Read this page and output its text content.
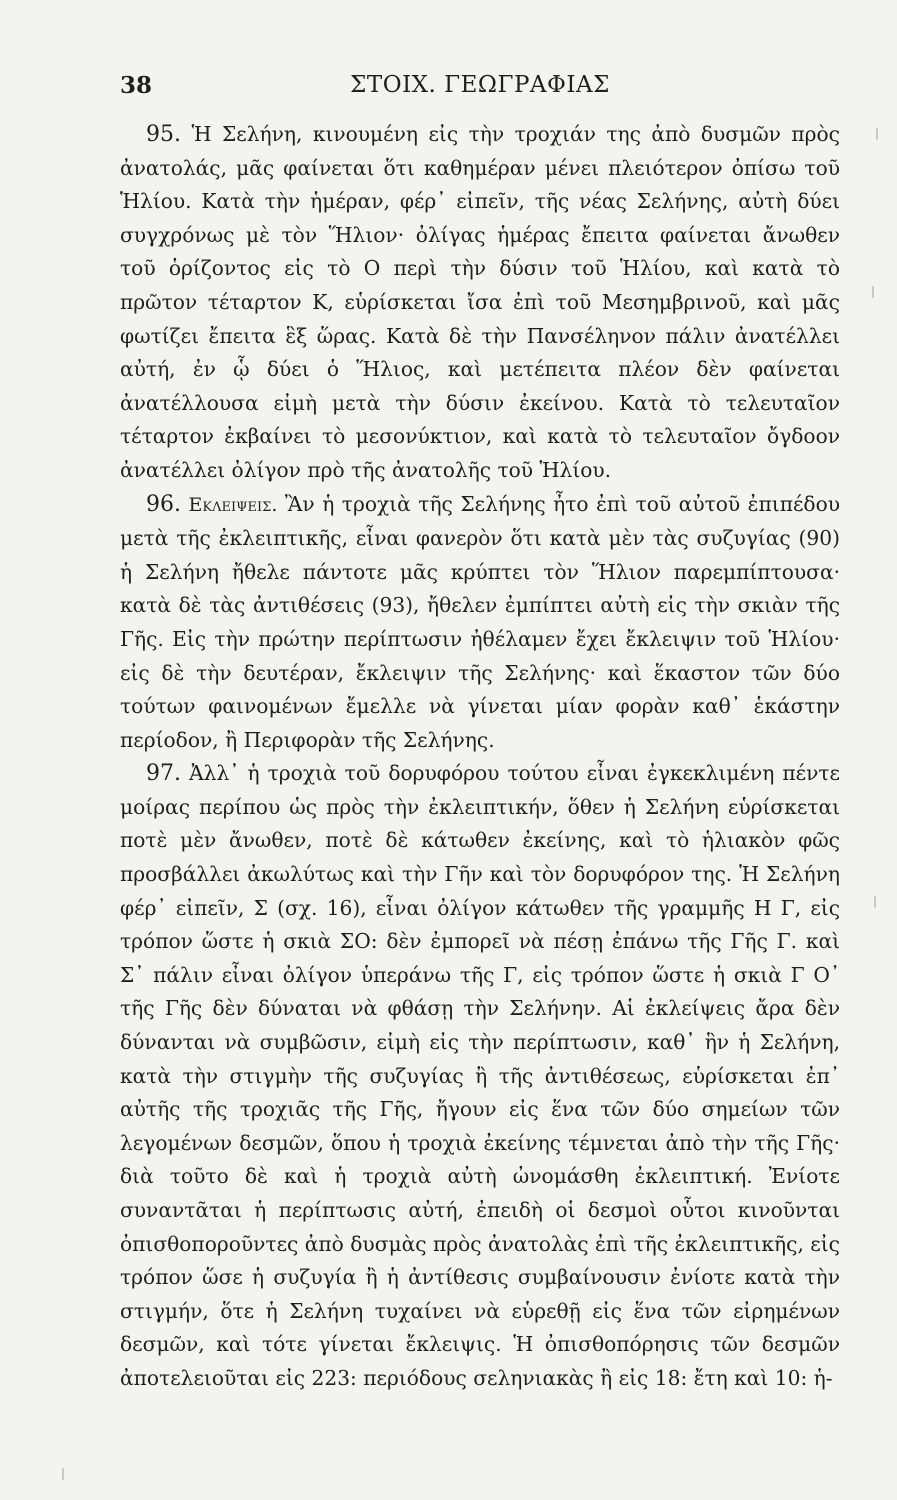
38	ΣΤΟΙΧ. ΓΕΩΓΡΑΦΙΑΣ

95. Ἡ Σελήνη, κινουμένη εἰς τὴν τροχιάν της ἀπὸ δυσμῶν πρὸς ἀνατολάς, μᾶς φαίνεται ὅτι καθημέραν μένει πλειότερον ὀπίσω τοῦ Ἡλίου. Κατὰ τὴν ἡμέραν, φέρ᾽ εἰπεῖν, τῆς νέας Σελήνης, αὐτὴ δύει συγχρόνως μὲ τὸν Ἥλιον· ὀλίγας ἡμέρας ἔπειτα φαίνεται ἄνωθεν τοῦ ὁρίζοντος εἰς τὸ Ο περὶ τὴν δύσιν τοῦ Ἡλίου, καὶ κατὰ τὸ πρῶτον τέταρτον Κ, εὑρίσκεται ἴσα ἐπὶ τοῦ Μεσημβρινοῦ, καὶ μᾶς φωτίζει ἔπειτα ἓξ ὥρας. Κατὰ δὲ τὴν Πανσέληνον πάλιν ἀνατέλλει αὐτή, ἐν ᾧ δύει ὁ Ἥλιος, καὶ μετέπειτα πλέον δὲν φαίνεται ἀνατέλλουσα εἰμὴ μετὰ τὴν δύσιν ἐκείνου. Κατὰ τὸ τελευταῖον τέταρτον ἐκβαίνει τὸ μεσονύκτιον, καὶ κατὰ τὸ τελευταῖον ὄγδοον ἀνατέλλει ὀλίγον πρὸ τῆς ἀνατολῆς τοῦ Ἡλίου.

96. Εκλειψεις. Ἂν ἡ τροχιὰ τῆς Σελήνης ἦτο ἐπὶ τοῦ αὐτοῦ ἐπιπέδου μετὰ τῆς ἐκλειπτικῆς, εἶναι φανερὸν ὅτι κατὰ μὲν τὰς συζυγίας (90) ἡ Σελήνη ἤθελε πάντοτε μᾶς κρύπτει τὸν Ἥλιον παρεμπίπτουσα· κατὰ δὲ τὰς ἀντιθέσεις (93), ἤθελεν ἐμπίπτει αὐτὴ εἰς τὴν σκιὰν τῆς Γῆς. Εἰς τὴν πρώτην περίπτωσιν ἠθέλαμεν ἔχει ἔκλειψιν τοῦ Ἡλίου· εἰς δὲ τὴν δευτέραν, ἔκλειψιν τῆς Σελήνης· καὶ ἕκαστον τῶν δύο τούτων φαινομένων ἔμελλε νὰ γίνεται μίαν φορὰν καθ᾽ ἑκάστην περίοδον, ἢ Περιφορὰν τῆς Σελήνης.

97. Ἀλλ᾽ ἡ τροχιὰ τοῦ δορυφόρου τούτου εἶναι ἐγκεκλιμένη πέντε μοίρας περίπου ὡς πρὸς τὴν ἐκλειπτικήν, ὅθεν ἡ Σελήνη εὑρίσκεται ποτὲ μὲν ἄνωθεν, ποτὲ δὲ κάτωθεν ἐκείνης, καὶ τὸ ἡλιακὸν φῶς προσβάλλει ἀκωλύτως καὶ τὴν Γῆν καὶ τὸν δορυφόρον της. Ἡ Σελήνη φέρ᾽ εἰπεῖν, Σ (σχ. 16), εἶναι ὀλίγον κάτωθεν τῆς γραμμῆς Η Γ, εἰς τρόπον ὥστε ἡ σκιὰ ΣΟ: δὲν ἐμπορεῖ νὰ πέσῃ ἐπάνω τῆς Γῆς Γ. καὶ Σ᾽ πάλιν εἶναι ὀλίγον ὑπεράνω τῆς Γ, εἰς τρόπον ὥστε ἡ σκιὰ Γ Ο᾽ τῆς Γῆς δὲν δύναται νὰ φθάσῃ τὴν Σελήνην. Αἱ ἐκλείψεις ἄρα δὲν δύνανται νὰ συμβῶσιν, εἰμὴ εἰς τὴν περίπτωσιν, καθ᾽ ἣν ἡ Σελήνη, κατὰ τὴν στιγμὴν τῆς συζυγίας ἢ τῆς ἀντιθέσεως, εὑρίσκεται ἐπ᾽ αὐτῆς τῆς τροχιᾶς τῆς Γῆς, ἤγουν εἰς ἕνα τῶν δύο σημείων τῶν λεγομένων δεσμῶν, ὅπου ἡ τροχιὰ ἐκείνης τέμνεται ἀπὸ τὴν τῆς Γῆς· διὰ τοῦτο δὲ καὶ ἡ τροχιὰ αὐτὴ ὠνομάσθη ἐκλειπτική. Ἐνίοτε συναντᾶται ἡ περίπτωσις αὐτή, ἐπειδὴ οἱ δεσμοὶ οὗτοι κινοῦνται ὀπισθοποροῦντες ἀπὸ δυσμὰς πρὸς ἀνατολὰς ἐπὶ τῆς ἐκλειπτικῆς, εἰς τρόπον ὥσε ἡ συζυγία ἢ ἡ ἀντίθεσις συμβαίνουσιν ἐνίοτε κατὰ τὴν στιγμήν, ὅτε ἡ Σελήνη τυχαίνει νὰ εὑρεθῇ εἰς ἕνα τῶν εἰρημένων δεσμῶν, καὶ τότε γίνεται ἔκλειψις. Ἡ ὀπισθοπόρησις τῶν δεσμῶν ἀποτελειοῦται εἰς 223: περιόδους σεληνιακὰς ἢ εἰς 18: ἔτη καὶ 10: ἡ-
